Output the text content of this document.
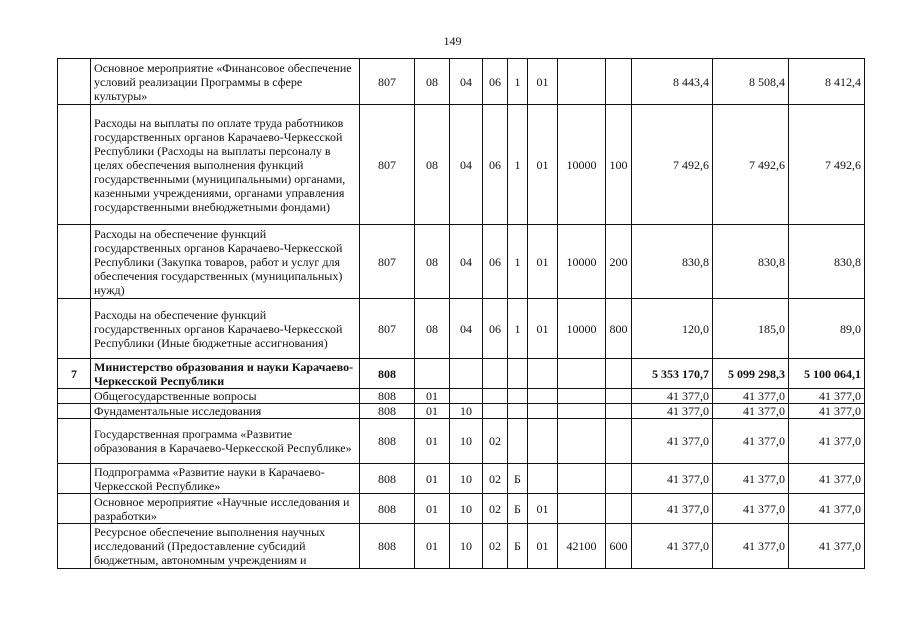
149
	Основное мероприятие «Финансовое обеспечение условий реализации Программы в сфере культуры»	807	08	04	06	1	01			8 443,4	8 508,4	8 412,4
	Расходы на выплаты по оплате труда работников государственных органов Карачаево-Черкесской Республики (Расходы на выплаты персоналу в целях обеспечения выполнения функций государственными (муниципальными) органами, казенными учреждениями, органами управления государственными внебюджетными фондами)	807	08	04	06	1	01	10000	100	7 492,6	7 492,6	7 492,6
	Расходы на обеспечение функций государственных органов Карачаево-Черкесской Республики (Закупка товаров, работ и услуг для обеспечения государственных (муниципальных) нужд)	807	08	04	06	1	01	10000	200	830,8	830,8	830,8
	Расходы на обеспечение функций государственных органов Карачаево-Черкесской Республики (Иные бюджетные ассигнования)	807	08	04	06	1	01	10000	800	120,0	185,0	89,0
7	Министерство образования и науки Карачаево-Черкесской Республики	808								5 353 170,7	5 099 298,3	5 100 064,1
	Общегосударственные вопросы	808	01							41 377,0	41 377,0	41 377,0
	Фундаментальные исследования	808	01	10						41 377,0	41 377,0	41 377,0
	Государственная программа «Развитие образования в Карачаево-Черкесской Республике»	808	01	10	02					41 377,0	41 377,0	41 377,0
	Подпрограмма «Развитие науки в Карачаево-Черкесской Республике»	808	01	10	02	Б				41 377,0	41 377,0	41 377,0
	Основное мероприятие «Научные исследования и разработки»	808	01	10	02	Б	01			41 377,0	41 377,0	41 377,0
	Ресурсное обеспечение выполнения научных исследований (Предоставление субсидий бюджетным, автономным учреждениям и	808	01	10	02	Б	01	42100	600	41 377,0	41 377,0	41 377,0
